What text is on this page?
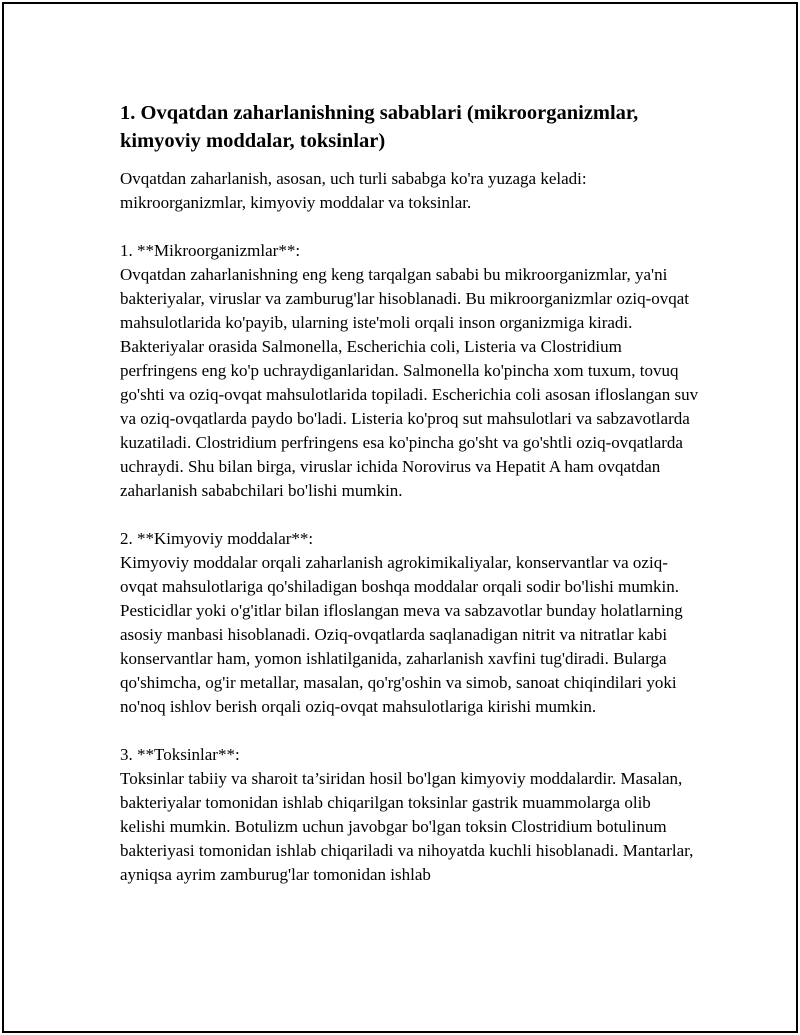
1. Ovqatdan zaharlanishning sabablari (mikroorganizmlar, kimyoviy moddalar, toksinlar)

Ovqatdan zaharlanish, asosan, uch turli sababga ko'ra yuzaga keladi: mikroorganizmlar, kimyoviy moddalar va toksinlar.

1. **Mikroorganizmlar**:

Ovqatdan zaharlanishning eng keng tarqalgan sababi bu mikroorganizmlar, ya'ni bakteriyalar, viruslar va zamburug'lar hisoblanadi. Bu mikroorganizmlar oziq-ovqat mahsulotlarida ko'payib, ularning iste'moli orqali inson organizmiga kiradi. Bakteriyalar orasida Salmonella, Escherichia coli, Listeria va Clostridium perfringens eng ko'p uchraydiganlaridan. Salmonella ko'pincha xom tuxum, tovuq go'shti va oziq-ovqat mahsulotlarida topiladi. Escherichia coli asosan ifloslangan suv va oziq-ovqatlarda paydo bo'ladi. Listeria ko'proq sut mahsulotlari va sabzavotlarda kuzatiladi. Clostridium perfringens esa ko'pincha go'sht va go'shtli oziq-ovqatlarda uchraydi. Shu bilan birga, viruslar ichida Norovirus va Hepatit A ham ovqatdan zaharlanish sababchilari bo'lishi mumkin.

2. **Kimyoviy moddalar**:

Kimyoviy moddalar orqali zaharlanish agrokimikaliyalar, konservantlar va oziq-ovqat mahsulotlariga qo'shiladigan boshqa moddalar orqali sodir bo'lishi mumkin. Pesticidlar yoki o'g'itlar bilan ifloslangan meva va sabzavotlar bunday holatlarning asosiy manbasi hisoblanadi. Oziq-ovqatlarda saqlanadigan nitrit va nitratlar kabi konservantlar ham, yomon ishlatilganida, zaharlanish xavfini tug'diradi. Bularga qo'shimcha, og'ir metallar, masalan, qo'rg'oshin va simob, sanoat chiqindilari yoki no'noq ishlov berish orqali oziq-ovqat mahsulotlariga kirishi mumkin.

3. **Toksinlar**:

Toksinlar tabiiy va sharoit ta’siridan hosil bo'lgan kimyoviy moddalardir. Masalan, bakteriyalar tomonidan ishlab chiqarilgan toksinlar gastrik muammolarga olib kelishi mumkin. Botulizm uchun javobgar bo'lgan toksin Clostridium botulinum bakteriyasi tomonidan ishlab chiqariladi va nihoyatda kuchli hisoblanadi. Mantarlar, ayniqsa ayrim zamburug'lar tomonidan ishlab
